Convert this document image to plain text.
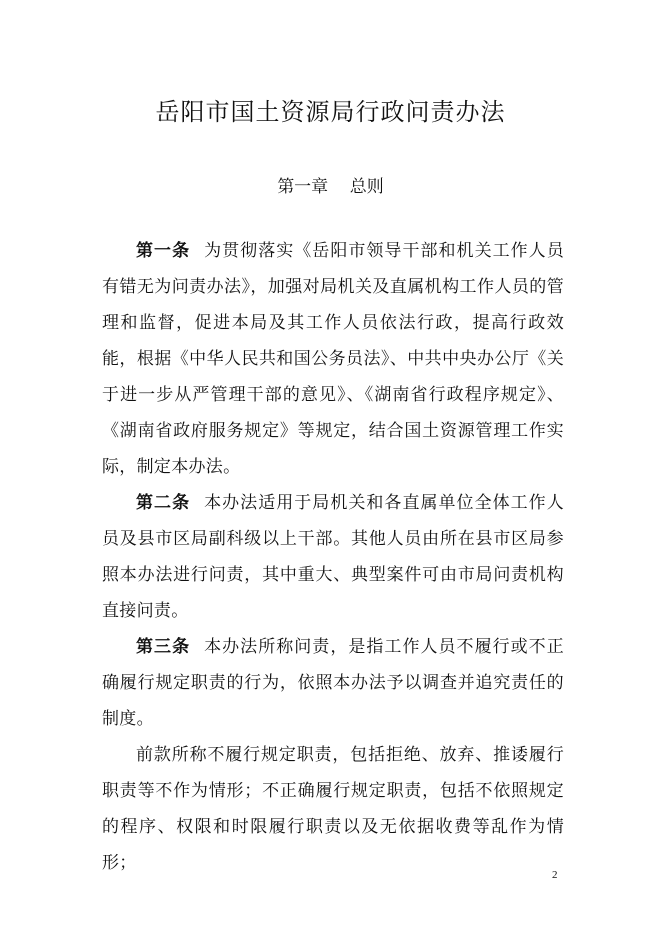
岳阳市国土资源局行政问责办法
第一章    总则

第一条 为贯彻落实《岳阳市领导干部和机关工作人员有错无为问责办法》，加强对局机关及直属机构工作人员的管理和监督，促进本局及其工作人员依法行政，提高行政效能，根据《中华人民共和国公务员法》、中共中央办公厅《关于进一步从严管理干部的意见》、《湖南省行政程序规定》、《湖南省政府服务规定》等规定，结合国土资源管理工作实际，制定本办法。

第二条 本办法适用于局机关和各直属单位全体工作人员及县市区局副科级以上干部。其他人员由所在县市区局参照本办法进行问责，其中重大、典型案件可由市局问责机构直接问责。

第三条 本办法所称问责，是指工作人员不履行或不正确履行规定职责的行为，依照本办法予以调查并追究责任的制度。

前款所称不履行规定职责，包括拒绝、放弃、推诿履行职责等不作为情形；不正确履行规定职责，包括不依照规定的程序、权限和时限履行职责以及无依据收费等乱作为情形；

2
